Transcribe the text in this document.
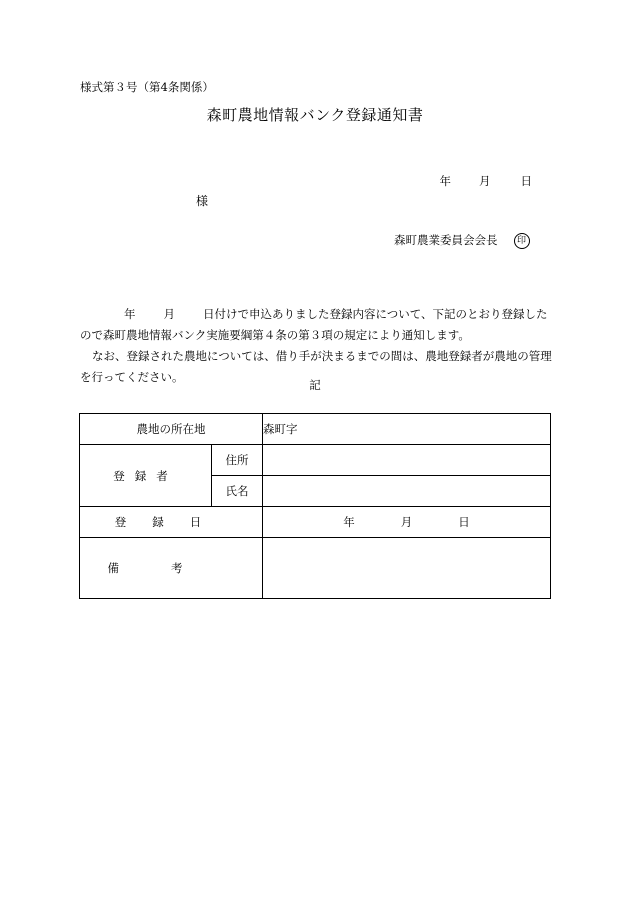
様式第３号（第4条関係）
森町農地情報バンク登録通知書
年 月	日
様
森町農業委員会会長 印

年 月 日付けで申込ありました登録内容について、下記のとおり登録したので森町農地情報バンク実施要綱第４条の第３項の規定により通知します。

なお、登録された農地については、借り手が決まるまでの間は、農地登録者が農地の管理を行ってください。

記
農地の所在地		森町字
登録者	住所	
	氏名	
登録日		年 月 日
備考		
